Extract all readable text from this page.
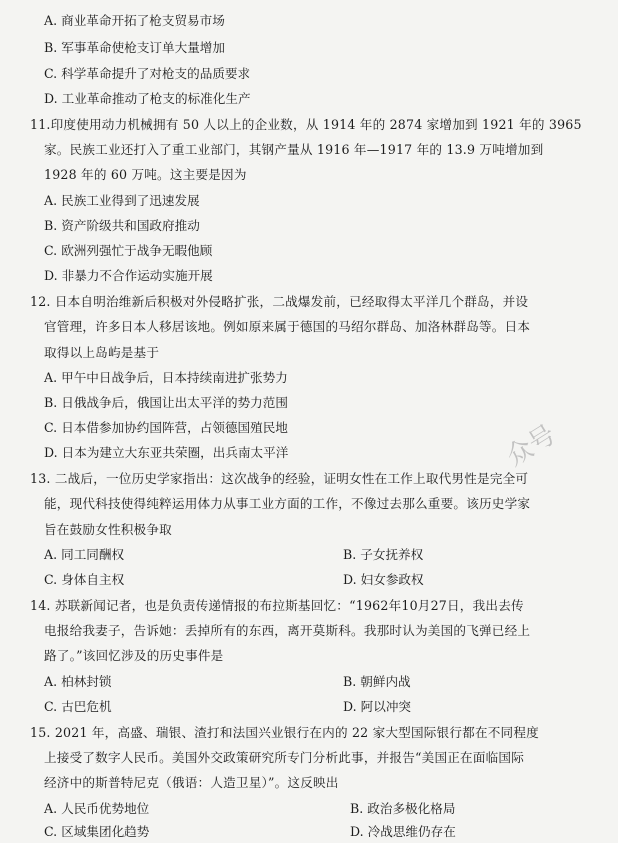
A. 商业革命开拓了枪支贸易市场
B. 军事革命使枪支订单大量增加
C. 科学革命提升了对枪支的品质要求
D. 工业革命推动了枪支的标准化生产
11.印度使用动力机械拥有 50 人以上的企业数，从 1914 年的 2874 家增加到 1921 年的 3965
家。民族工业还打入了重工业部门，其钢产量从 1916 年—1917 年的 13.9 万吨增加到
1928 年的 60 万吨。这主要是因为
A. 民族工业得到了迅速发展
B. 资产阶级共和国政府推动
C. 欧洲列强忙于战争无暇他顾
D. 非暴力不合作运动实施开展
12. 日本自明治维新后积极对外侵略扩张，二战爆发前，已经取得太平洋几个群岛，并设
官管理，许多日本人移居该地。例如原来属于德国的马绍尔群岛、加洛林群岛等。日本
取得以上岛屿是基于
A. 甲午中日战争后，日本持续南进扩张势力
B. 日俄战争后，俄国让出太平洋的势力范围
C. 日本借参加协约国阵营，占领德国殖民地
D. 日本为建立大东亚共荣圈，出兵南太平洋
13. 二战后，一位历史学家指出：这次战争的经验，证明女性在工作上取代男性是完全可
能，现代科技使得纯粹运用体力从事工业方面的工作，不像过去那么重要。该历史学家
旨在鼓励女性积极争取
A. 同工同酬权	B. 子女抚养权
C. 身体自主权	D. 妇女参政权
14. 苏联新闻记者，也是负责传递情报的布拉斯基回忆：“1962年10月27日，我出去传
电报给我妻子，告诉她：丢掉所有的东西，离开莫斯科。我那时认为美国的飞弹已经上
路了。”该回忆涉及的历史事件是
A. 柏林封锁	B. 朝鲜内战
C. 古巴危机	D. 阿以冲突
15. 2021 年，高盛、瑞银、渣打和法国兴业银行在内的 22 家大型国际银行都在不同程度
上接受了数字人民币。美国外交政策研究所专门分析此事，并报告“美国正在面临国际
经济中的斯普特尼克（俄语：人造卫星）”。这反映出
A. 人民币优势地位	B. 政治多极化格局
C. 区域集团化趋势	D. 冷战思维仍存在
众号
